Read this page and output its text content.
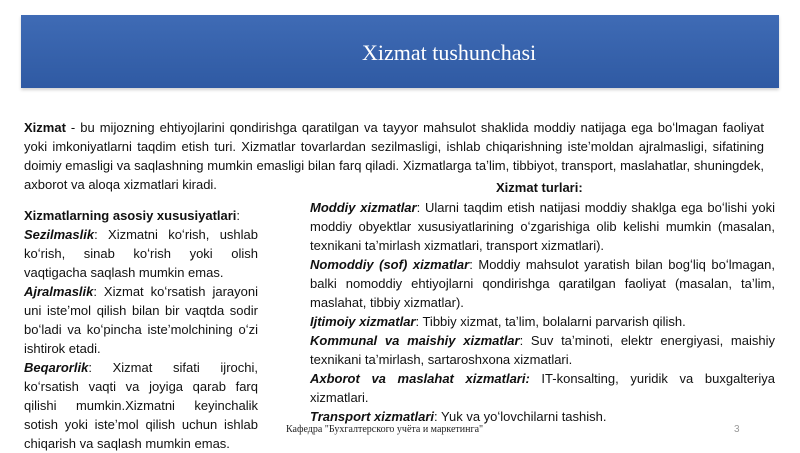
Xizmat tushunchasi

Xizmat - bu mijozning ehtiyojlarini qondirishga qaratilgan va tayyor mahsulot shaklida moddiy natijaga ega boʻlmagan faoliyat yoki imkoniyatlarni taqdim etish turi. Xizmatlar tovarlardan sezilmasligi, ishlab chiqarishning isteʼmoldan ajralmasligi, sifatining doimiy emasligi va saqlashning mumkin emasligi bilan farq qiladi. Xizmatlarga taʼlim, tibbiyot, transport, maslahatlar, shuningdek, axborot va aloqa xizmatlari kiradi.	Xizmat turlari:

Xizmatlarning asosiy xususiyatlari:
Sezilmaslik: Xizmatni koʻrish, ushlab koʻrish, sinab koʻrish yoki olish vaqtigacha saqlash mumkin emas.
Ajralmaslik: Xizmat koʻrsatish jarayoni uni isteʼmol qilish bilan bir vaqtda sodir boʻladi va koʻpincha isteʼmolchining oʻzi ishtirok etadi.
Beqarorlik: Xizmat sifati ijrochi, koʻrsatish vaqti va joyiga qarab farq qilishi mumkin.Xizmatni keyinchalik sotish yoki isteʼmol qilish uchun ishlab chiqarish va saqlash mumkin emas.

Moddiy xizmatlar: Ularni taqdim etish natijasi moddiy shaklga ega boʻlishi yoki moddiy obyektlar xususiyatlarining oʻzgarishiga olib kelishi mumkin (masalan, texnikani taʼmirlash xizmatlari, transport xizmatlari).
Nomoddiy (sof) xizmatlar: Moddiy mahsulot yaratish bilan bogʻliq boʻlmagan, balki nomoddiy ehtiyojlarni qondirishga qaratilgan faoliyat (masalan, taʼlim, maslahat, tibbiy xizmatlar).

Ijtimoiy xizmatlar: Tibbiy xizmat, taʼlim, bolalarni parvarish qilish.
Kommunal va maishiy xizmatlar: Suv taʼminoti, elektr energiyasi, maishiy texnikani taʼmirlash, sartaroshxona xizmatlari.
Axborot va maslahat xizmatlari: IT-konsalting, yuridik va buxgalteriya xizmatlari.
Transport xizmatlari: Yuk va yoʻlovchilarni tashish.

Кафедра "Бухгалтерского учёта и маркетинга"	3
